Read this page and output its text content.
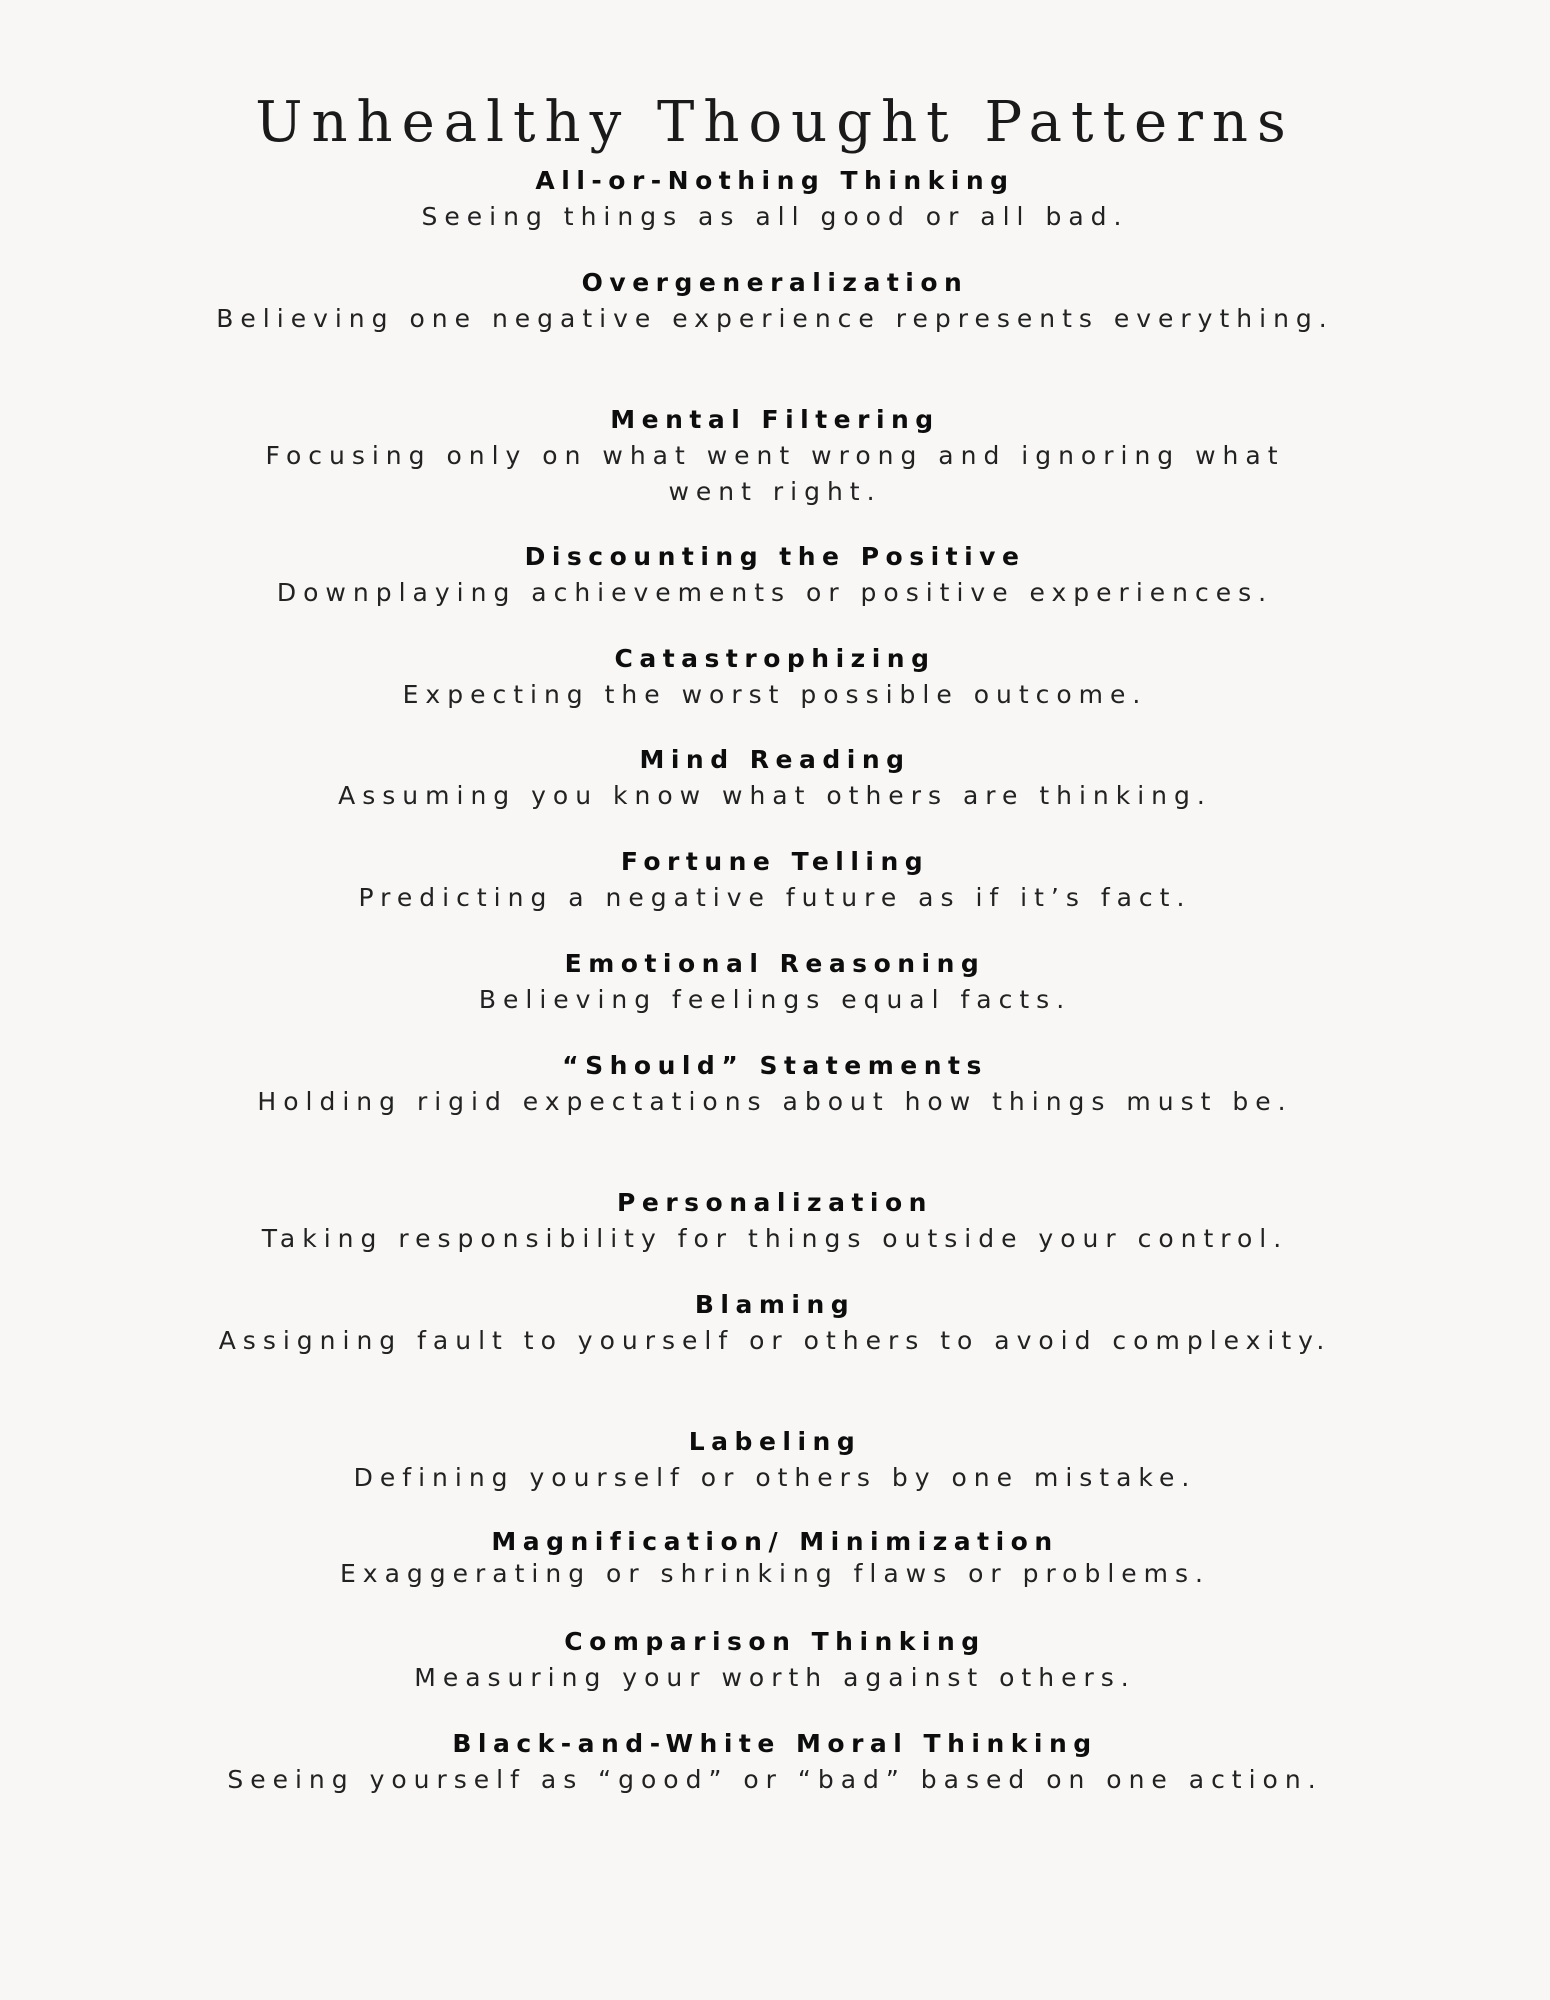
Unhealthy Thought Patterns
All-or-Nothing Thinking
Seeing things as all good or all bad.
Overgeneralization
Believing one negative experience represents everything.
Mental Filtering
Focusing only on what went wrong and ignoring what went right.
Discounting the Positive
Downplaying achievements or positive experiences.
Catastrophizing
Expecting the worst possible outcome.
Mind Reading
Assuming you know what others are thinking.
Fortune Telling
Predicting a negative future as if it’s fact.
Emotional Reasoning
Believing feelings equal facts.
“Should” Statements
Holding rigid expectations about how things must be.
Personalization
Taking responsibility for things outside your control.
Blaming
Assigning fault to yourself or others to avoid complexity.
Labeling
Defining yourself or others by one mistake.
Magnification/ Minimization
Exaggerating or shrinking flaws or problems.
Comparison Thinking
Measuring your worth against others.
Black-and-White Moral Thinking
Seeing yourself as “good” or “bad” based on one action.
